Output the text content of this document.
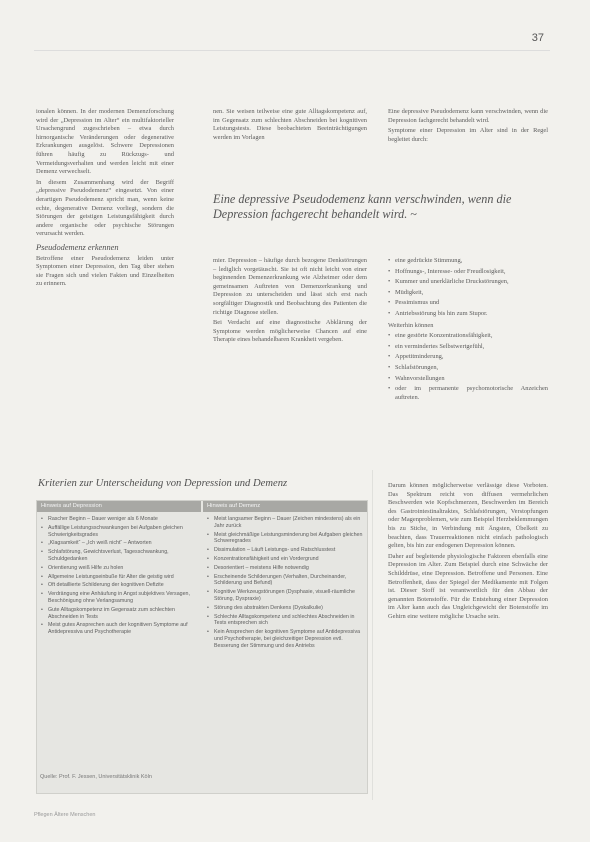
37

ionalen können. In der modernen Demenzforschung wird der „Depression im Alter“ ein multifaktorieller Ursachengrund zugeschrieben – etwa durch hirnorganische Veränderungen oder degenerative Erkrankungen ausgelöst. Schwere Depressionen führen häufig zu Rückzugs- und Vermeidungsverhalten und werden leicht mit einer Demenz verwechselt.

In diesem Zusammenhang wird der Begriff „depressive Pseudodemenz“ eingesetzt. Von einer derartigen Pseudodemenz spricht man, wenn keine echte, degenerative Demenz vorliegt, sondern die Störungen der geistigen Leistungsfähigkeit durch andere organische oder psychische Störungen verursacht werden.

Pseudodemenz erkennen

Betroffene einer Pseudodemenz leiden unter Symptomen einer Depression, den Tag über stehen sie Fragen sich und vielen Fakten und Einzelheiten zu erinnern.

nen. Sie weisen teilweise eine gute Alltagskompetenz auf, im Gegensatz zum schlechten Abschneiden bei kognitiven Leistungstests. Diese beobachteten Beeinträchtigungen werden im Vorlagen

Eine depressive Pseudodemenz kann verschwinden, wenn die Depression fachgerecht behandelt wird.

Symptome einer Depression im Alter sind in der Regel begleitet durch:

Eine depressive Pseudodemenz kann verschwinden, wenn die Depression fachgerecht behandelt wird. ~

mier. Depression – häufige durch bezogene Denkstörungen – lediglich vorgetäuscht. Sie ist oft nicht leicht von einer beginnenden Demenzerkrankung wie Alzheimer oder dem gemeinsamen Auftreten von Demenzerkrankung und Depression zu unterscheiden und lässt sich erst nach sorgfältiger Diagnostik und Beobachtung des Patienten die richtige Diagnose stellen.

Bei Verdacht auf eine diagnostische Abklärung der Symptome werden möglicherweise Chancen auf eine Therapie eines behandelbaren Krankheit vergeben.

• eine gedrückte Stimmung,
• Hoffnungs-, Interesse- oder Freudlosigkeit,
• Kummer und unerklärliche Druckstörungen,
• Müdigkeit,
• Pessimismus und
• Antriebsstörung bis hin zum Stupor.

Weiterhin können

• eine gestörte Konzentrationsfähigkeit,
• ein vermindertes Selbstwertgefühl,
• Appetitminderung,
• Schlafstörungen,
• Wahnvorstellungen
• oder im permanente psychomotorische Anzeichen auftreten.
Kriterien zur Unterscheidung von Depression und Demenz
Hinweis auf Depression	Hinweis auf Demenz
• Rascher Beginn – Dauer weniger als 6 Monate
• Auffällige Leistungsschwankungen bei Aufgaben gleichen Schwierigkeitsgrades
• „Klagsamkeit“ – „Ich weiß nicht“ – Antworten
• Schlafstörung, Gewichtsverlust, Tagesschwankung, Schuldgedanken
• Orientierung weiß Hilfe zu holen
• Allgemeine Leistungseinbuße für Alter die geistig wird
• Oft detaillierte Schilderung der kognitiven Defizite
• Verdrängung eine Anhäufung in Angst subjektives Versagen, Beschönigung ohne Verlangsamung
• Gute Alltagskompetenz im Gegensatz zum schlechten Abschneiden in Tests
• Meist gutes Ansprechen auch der kognitiven Symptome auf Antidepressiva und Psychotherapie
• Meist langsamer Beginn – Dauer (Zeichen mindestens) als ein Jahr zurück
• Meist gleichmäßige Leistungsminderung bei Aufgaben gleichen Schweregrades
• Dissimulation – Läuft Leistungs- und Ratschlusstest
• Konzentrationsfähigkeit und ein Vordergrund
• Desorientiert – meistens Hilfe notwendig
• Erscheinende Schilderungen (Verhalten, Durcheinander, Schilderung und Befund)
• Kognitive Werkzeugstörungen (Dysphasie, visuell-räumliche Störung, Dyspraxie)
• Störung des abstrakten Denkens (Dyskalkulie)
• Schlechte Alltagskompetenz und schlechtes Abschneiden in Tests entsprechen sich
• Kein Ansprechen der kognitiven Symptome auf Antidepressiva und Psychotherapie, bei gleichzeitiger Depression evtl. Besserung der Stimmung und des Antriebs
Quelle: Prof. F. Jessen, Universitätsklinik Köln

Darum können möglicherweise verlässige diese Vorboten. Das Spektrum reicht von diffusen vermehrlichen Beschwerden wie Kopfschmerzen, Beschwerden im Bereich des Gastrointestinaltraktes, Schlafstörungen, Verstopfungen oder Magenproblemen, wie zum Beispiel Herzbeklemmungen bis zu Stiche, in Verbindung mit Ängsten, Übelkeit zu beachten, dass Trauerreaktionen nicht einfach pathologisch gelten, bis hin zur endogenen Depression können.

Daher auf begleitende physiologische Faktoren ebenfalls eine Depression im Alter. Zum Beispiel durch eine Schwäche der Schilddrüse, eine Depression. Betroffene und Personen. Eine Betroffenheit, dass der Spiegel der Medikamente mit Folgen ist. Dieser Stoff ist verantwortlich für den Abbau der genannten Botenstoffe. Für die Entstehung einer Depression im Alter kann auch das Ungleichgewicht der Botenstoffe im Gehirn eine weitere mögliche Ursache sein.

Pflegen Ältere Menschen
